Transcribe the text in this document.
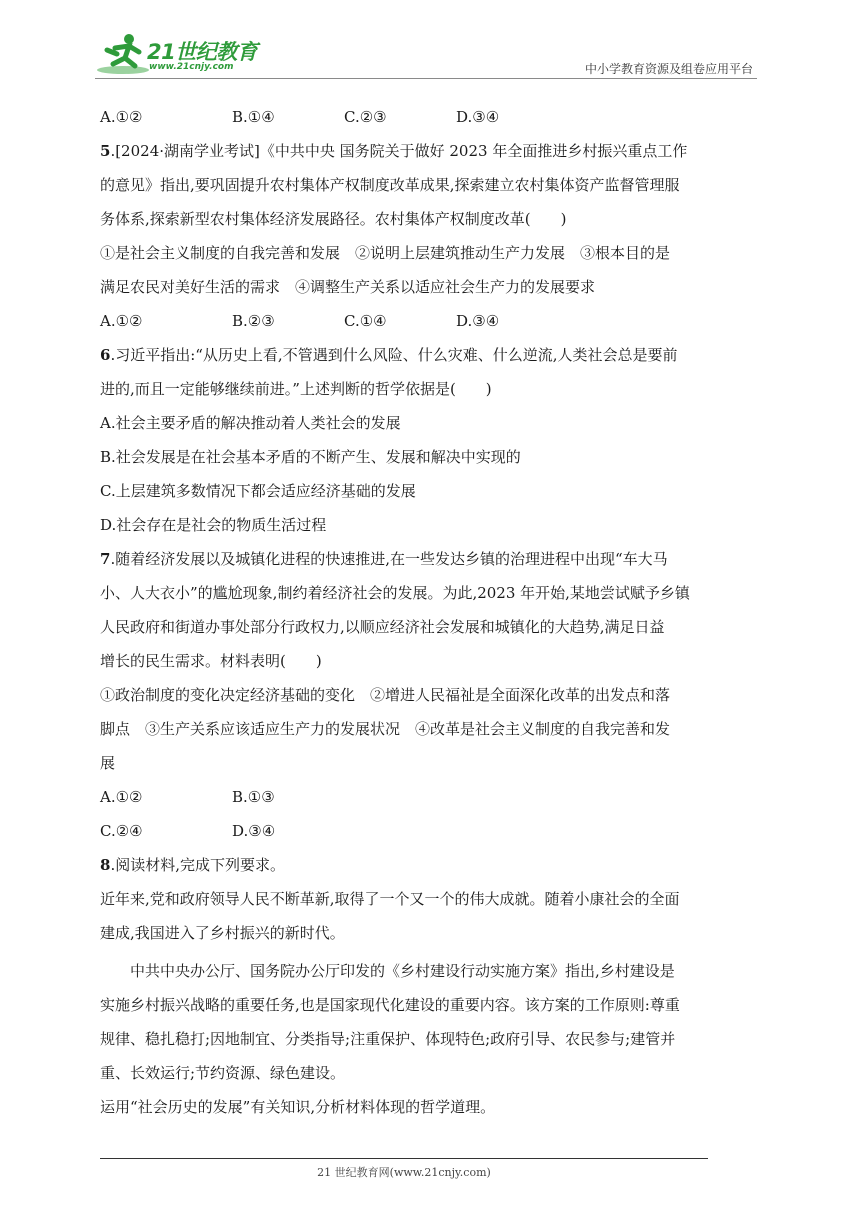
21世纪教育
www.21cnjy.com	中小学教育资源及组卷应用平台
A.①②	B.①④	C.②③	D.③④
5.[2024·湖南学业考试]《中共中央 国务院关于做好 2023 年全面推进乡村振兴重点工作
的意见》指出,要巩固提升农村集体产权制度改革成果,探索建立农村集体资产监督管理服
务体系,探索新型农村集体经济发展路径。农村集体产权制度改革(　　)
①是社会主义制度的自我完善和发展　②说明上层建筑推动生产力发展　③根本目的是
满足农民对美好生活的需求　④调整生产关系以适应社会生产力的发展要求
A.①②	B.②③	C.①④	D.③④
6.习近平指出:“从历史上看,不管遇到什么风险、什么灾难、什么逆流,人类社会总是要前
进的,而且一定能够继续前进。”上述判断的哲学依据是(　　)
A.社会主要矛盾的解决推动着人类社会的发展
B.社会发展是在社会基本矛盾的不断产生、发展和解决中实现的
C.上层建筑多数情况下都会适应经济基础的发展
D.社会存在是社会的物质生活过程
7.随着经济发展以及城镇化进程的快速推进,在一些发达乡镇的治理进程中出现“车大马
小、人大衣小”的尴尬现象,制约着经济社会的发展。为此,2023 年开始,某地尝试赋予乡镇
人民政府和街道办事处部分行政权力,以顺应经济社会发展和城镇化的大趋势,满足日益
增长的民生需求。材料表明(　　)
①政治制度的变化决定经济基础的变化　②增进人民福祉是全面深化改革的出发点和落
脚点　③生产关系应该适应生产力的发展状况　④改革是社会主义制度的自我完善和发
展
A.①②	B.①③
C.②④	D.③④
8.阅读材料,完成下列要求。
近年来,党和政府领导人民不断革新,取得了一个又一个的伟大成就。随着小康社会的全面
建成,我国进入了乡村振兴的新时代。
中共中央办公厅、国务院办公厅印发的《乡村建设行动实施方案》指出,乡村建设是
实施乡村振兴战略的重要任务,也是国家现代化建设的重要内容。该方案的工作原则:尊重
规律、稳扎稳打;因地制宜、分类指导;注重保护、体现特色;政府引导、农民参与;建管并
重、长效运行;节约资源、绿色建设。
运用“社会历史的发展”有关知识,分析材料体现的哲学道理。
21 世纪教育网(www.21cnjy.com)
